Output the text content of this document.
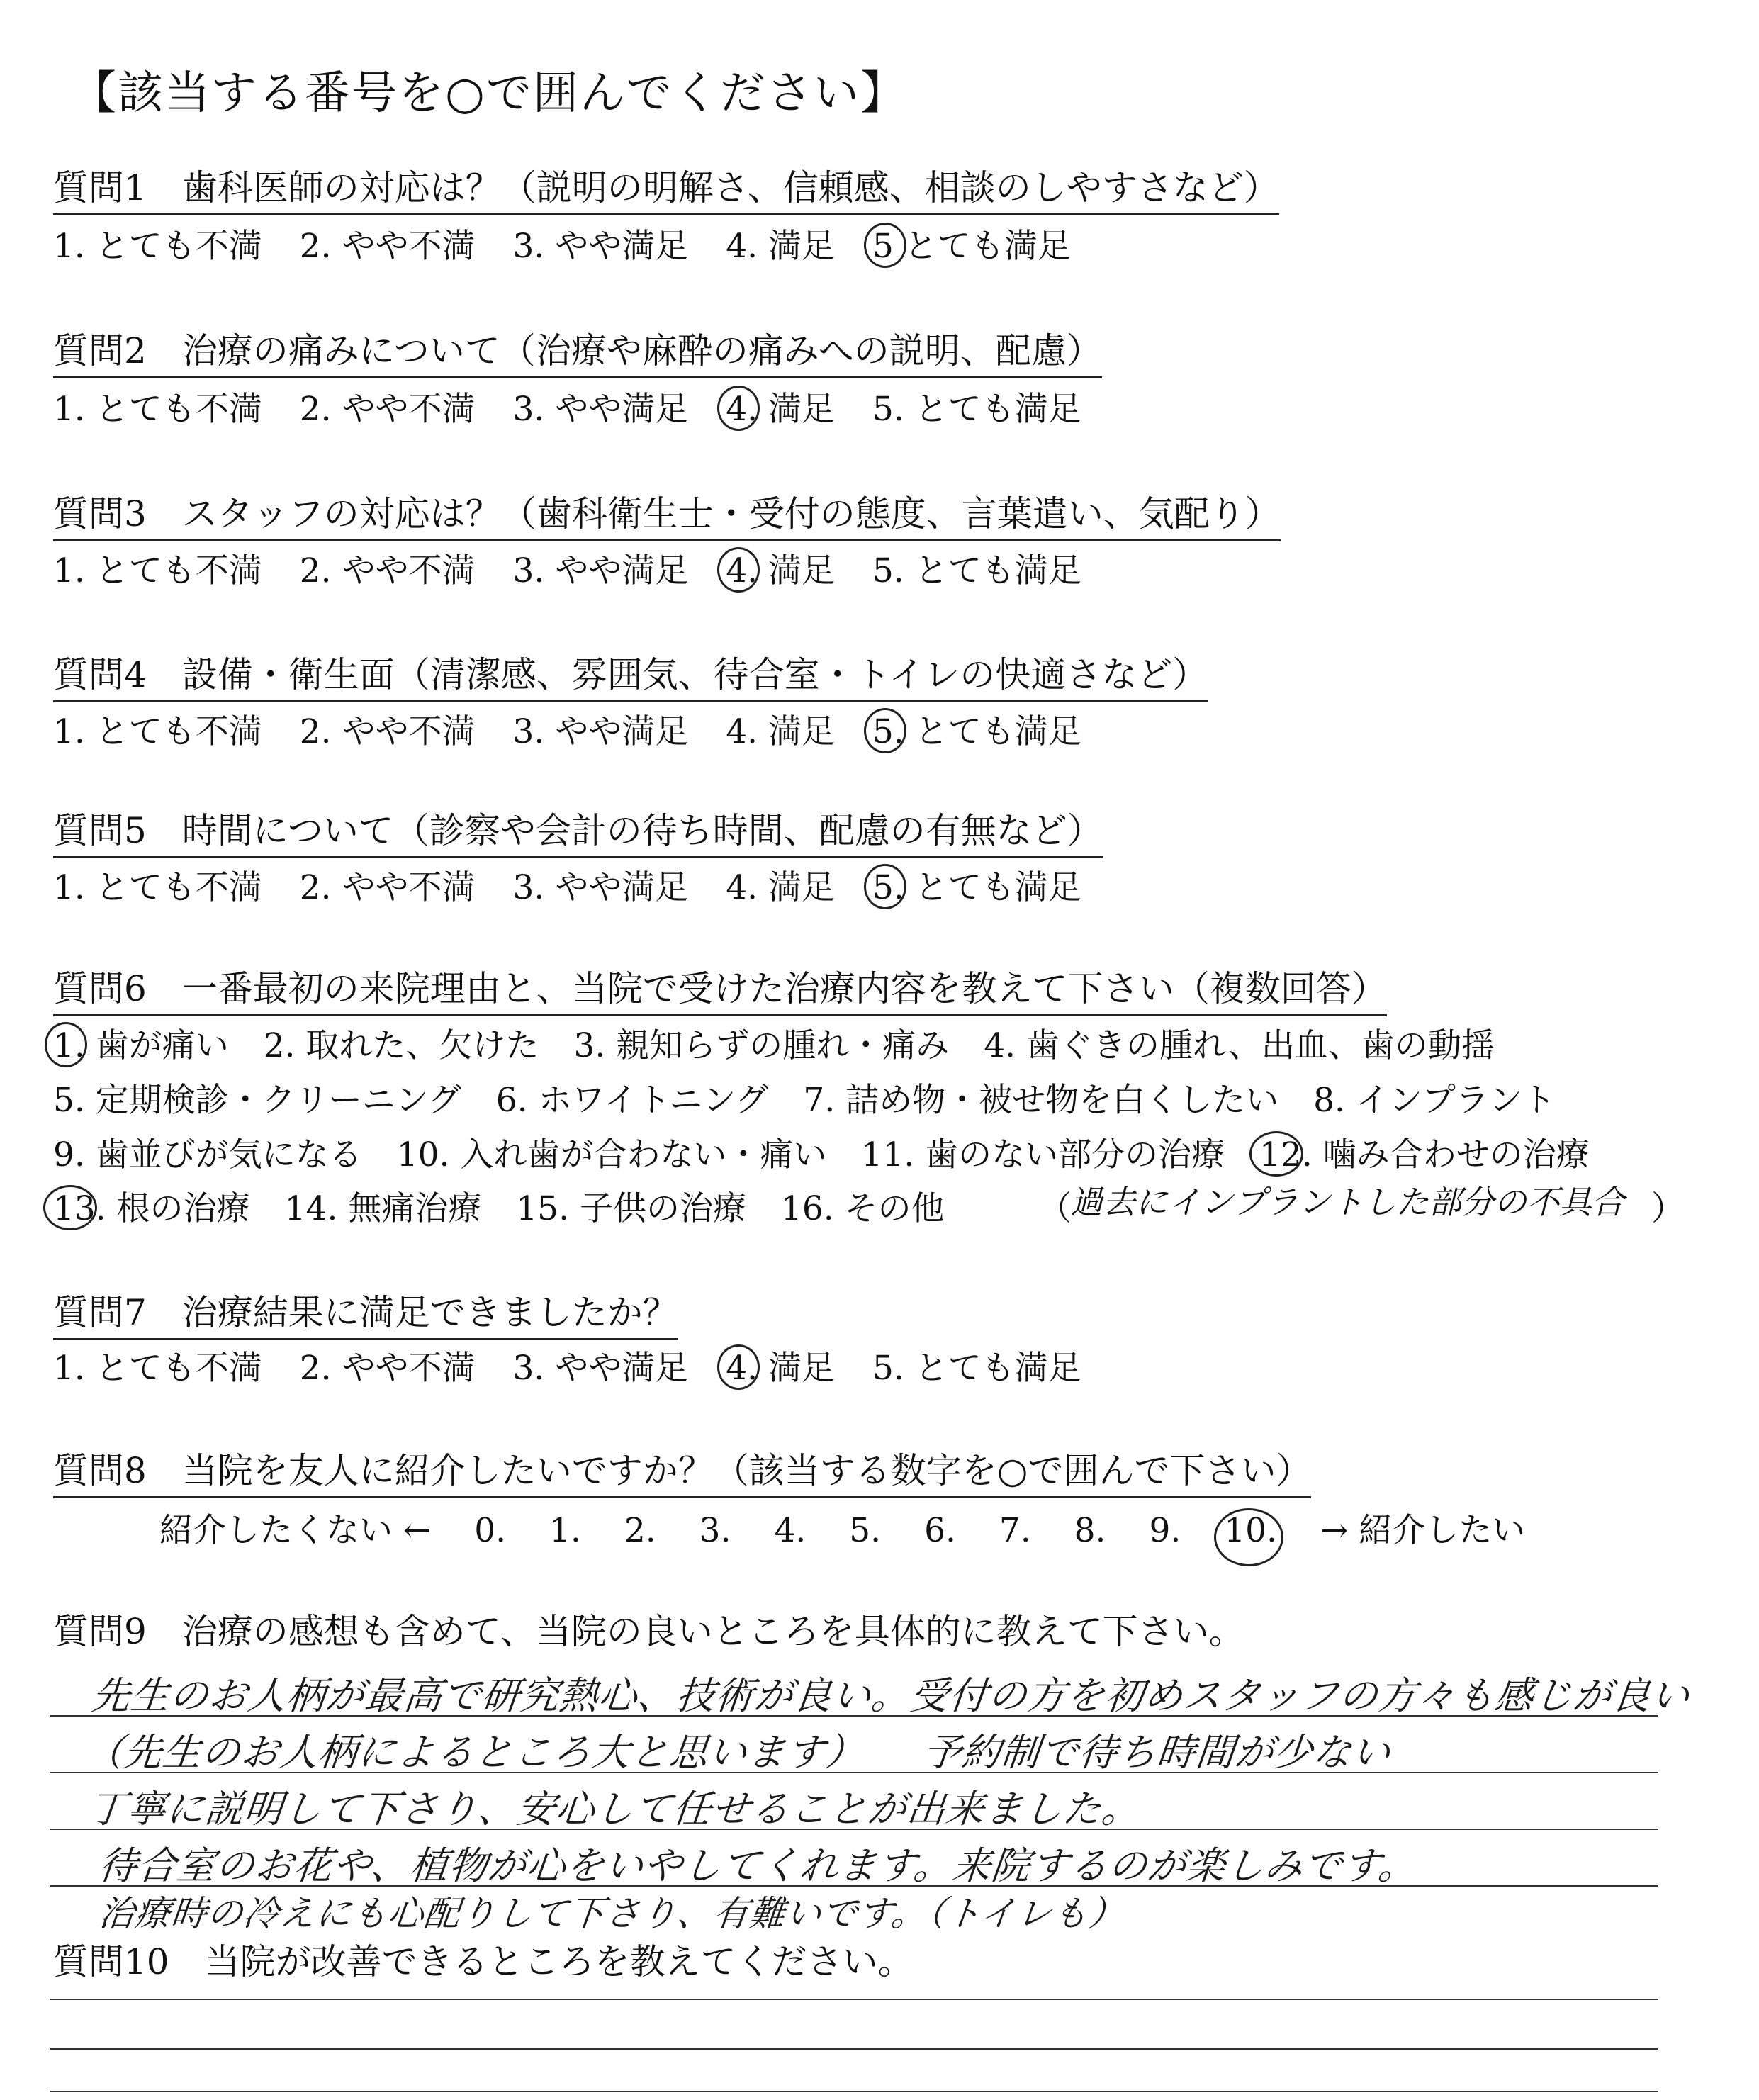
【該当する番号を○で囲んでください】
質問1 歯科医師の対応は？（説明の明解さ、信頼感、相談のしやすさなど）
1. とても不満 2. やや不満 3. やや満足 4. 満足 5 とても満足
質問2 治療の痛みについて（治療や麻酔の痛みへの説明、配慮）
1. とても不満 2. やや不満 3. やや満足 4. 満足 5. とても満足
質問3 スタッフの対応は？（歯科衛生士・受付の態度、言葉遣い、気配り）
1. とても不満 2. やや不満 3. やや満足 4. 満足 5. とても満足
質問4 設備・衛生面（清潔感、雰囲気、待合室・トイレの快適さなど）
1. とても不満 2. やや不満 3. やや満足 4. 満足 5. とても満足
質問5 時間について（診察や会計の待ち時間、配慮の有無など）
1. とても不満 2. やや不満 3. やや満足 4. 満足 5. とても満足
質問6 一番最初の来院理由と、当院で受けた治療内容を教えて下さい（複数回答）
1. 歯が痛い 2. 取れた、欠けた 3. 親知らずの腫れ・痛み 4. 歯ぐきの腫れ、出血、歯の動揺
5. 定期検診・クリーニング 6. ホワイトニング 7. 詰め物・被せ物を白くしたい 8. インプラント
9. 歯並びが気になる 10. 入れ歯が合わない・痛い 11. 歯のない部分の治療 12. 噛み合わせの治療
13. 根の治療 14. 無痛治療 15. 子供の治療 16. その他	（
過去にインプラントした部分の不具合 ）
質問7 治療結果に満足できましたか？
1. とても不満 2. やや不満 3. やや満足 4. 満足 5. とても満足
質問8 当院を友人に紹介したいですか？（該当する数字を○で囲んで下さい）
紹介したくない ← 0. 1. 2. 3. 4. 5. 6. 7. 8. 9. 10. → 紹介したい
質問9 治療の感想も含めて、当院の良いところを具体的に教えて下さい。
先生のお人柄が最高で研究熱心、技術が良い。受付の方を初めスタッフの方々も感じが良い
（先生のお人柄によるところ大と思います）　　予約制で待ち時間が少ない
丁寧に説明して下さり、安心して任せることが出来ました。
待合室のお花や、植物が心をいやしてくれます。来院するのが楽しみです。
治療時の冷えにも心配りして下さり、有難いです。（トイレも）
質問10 当院が改善できるところを教えてください。
